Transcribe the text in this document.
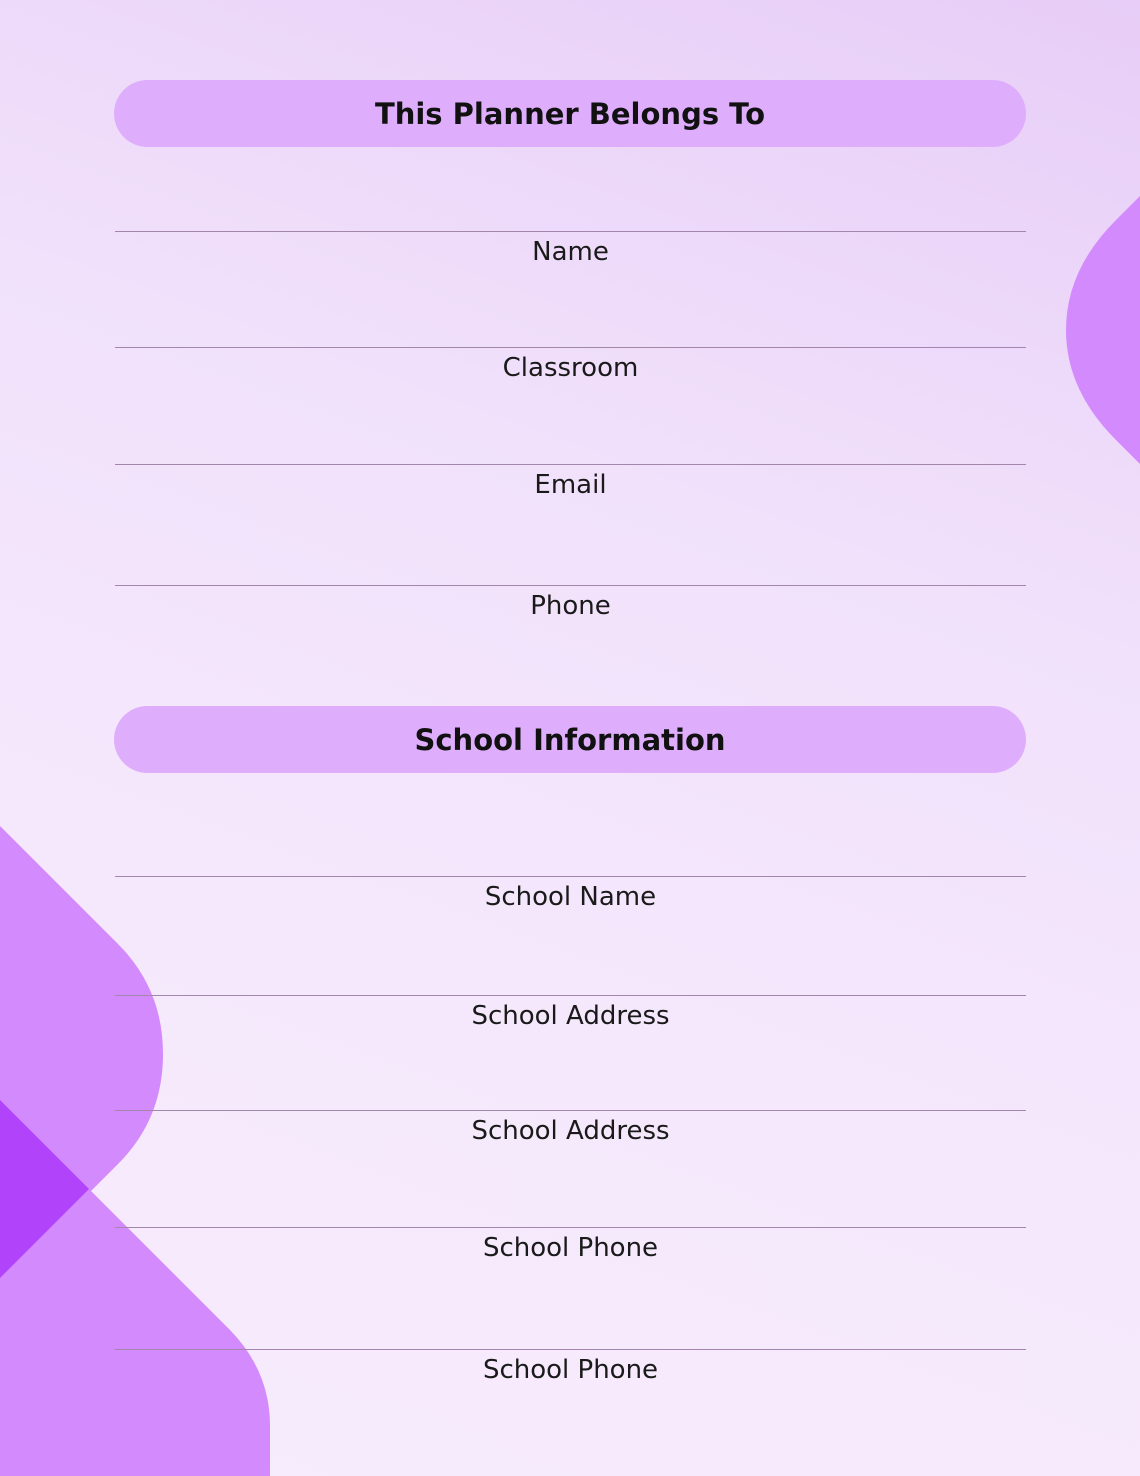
This Planner Belongs To
Name
Classroom
Email
Phone
School Information
School Name
School Address
School Address
School Phone
School Phone
